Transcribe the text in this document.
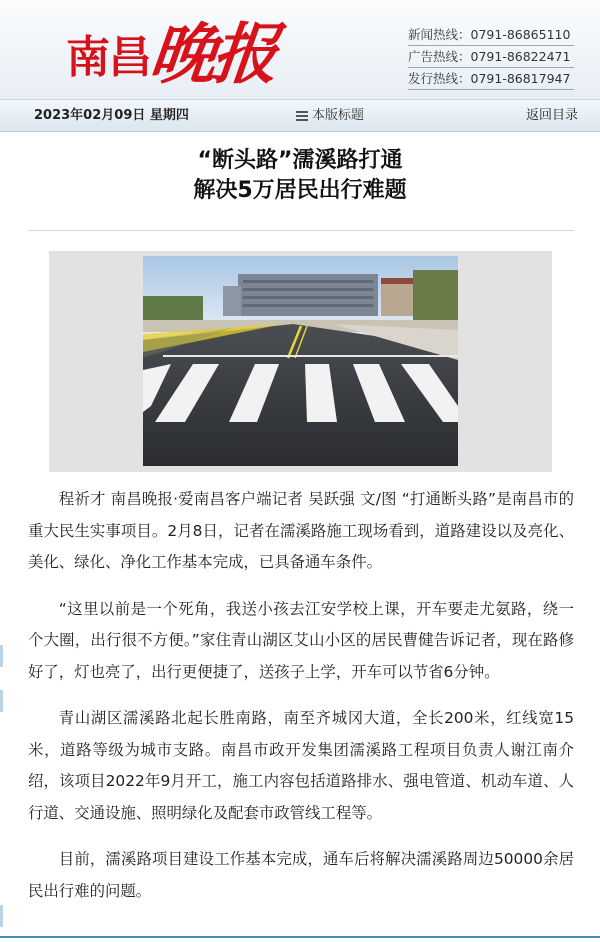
南昌
晚报	新闻热线：0791-86865110
广告热线：0791-86822471
发行热线：0791-86817947
2023年02月09日 星期四	本版标题	返回目录
“断头路”濡溪路打通
解决5万居民出行难题

程祈才 南昌晚报·爱南昌客户端记者 吴跃强 文/图 “打通断头路”是南昌市的重大民生实事项目。2月8日，记者在濡溪路施工现场看到，道路建设以及亮化、美化、绿化、净化工作基本完成，已具备通车条件。

“这里以前是一个死角，我送小孩去江安学校上课，开车要走尤氨路，绕一个大圈，出行很不方便。”家住青山湖区艾山小区的居民曹健告诉记者，现在路修好了，灯也亮了，出行更便捷了，送孩子上学，开车可以节省6分钟。

青山湖区濡溪路北起长胜南路，南至齐城冈大道，全长200米，红线宽15米，道路等级为城市支路。南昌市政开发集团濡溪路工程项目负责人谢江南介绍，该项目2022年9月开工，施工内容包括道路排水、强电管道、机动车道、人行道、交通设施、照明绿化及配套市政管线工程等。

目前，濡溪路项目建设工作基本完成，通车后将解决濡溪路周边50000余居民出行难的问题。
